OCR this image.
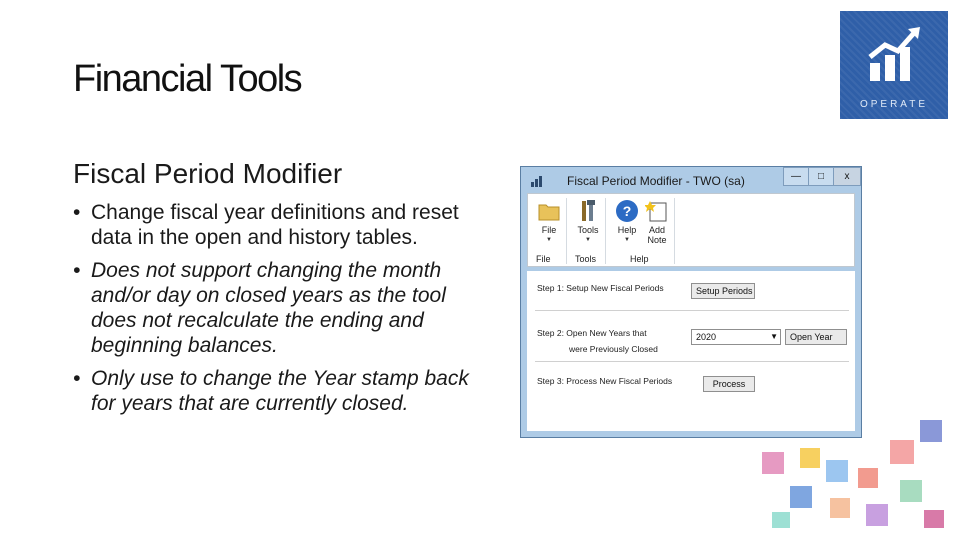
Financial Tools
OPERATE
Fiscal Period Modifier
• Change fiscal year definitions and reset data in the open and history tables.
• Does not support changing the month and/or day on closed years as the tool does not recalculate the ending and beginning balances.
• Only use to change the Year stamp back for years that are currently closed.
Fiscal Period Modifier - TWO (sa)	—	□	x
File
▼
Tools
▼
?
Help
▼
Add
Note
File	Tools	Help
Step 1: Setup New Fiscal Periods	Setup Periods
Step 2: Open New Years that
were Previously Closed
2020	▼	Open Year
Step 3: Process New Fiscal Periods	Process
